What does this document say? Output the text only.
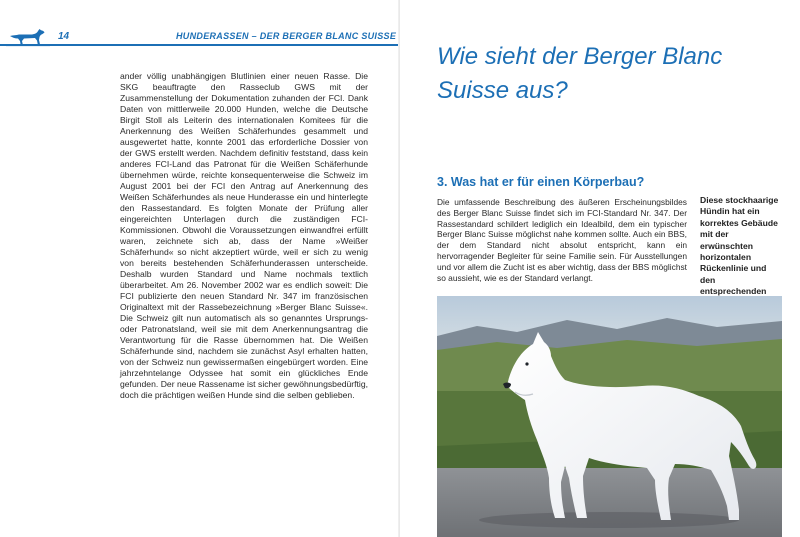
14	HUNDERASSEN – DER BERGER BLANC SUISSE

ander völlig unabhängigen Blutlinien einer neuen Rasse. Die SKG beauftragte den Rasseclub GWS mit der Zusammenstellung der Dokumentation zuhanden der FCI. Dank Daten von mittlerweile 20.000 Hunden, welche die Deutsche Birgit Stoll als Leiterin des internationalen Komitees für die Anerkennung des Weißen Schäferhundes gesammelt und ausgewertet hatte, konnte 2001 das erforderliche Dossier von der GWS erstellt werden. Nachdem definitiv feststand, dass kein anderes FCI-Land das Patronat für die Weißen Schäferhunde übernehmen würde, reichte konsequenterweise die Schweiz im August 2001 bei der FCI den Antrag auf Anerkennung des Weißen Schäferhundes als neue Hunderasse ein und hinterlegte den Rassestandard. Es folgten Monate der Prüfung aller eingereichten Unterlagen durch die zuständigen FCI-Kommissionen. Obwohl die Voraussetzungen einwandfrei erfüllt waren, zeichnete sich ab, dass der Name »Weißer Schäferhund« so nicht akzeptiert würde, weil er sich zu wenig von bereits bestehenden Schäferhunderassen unterscheide. Deshalb wurden Standard und Name nochmals textlich überarbeitet. Am 26. November 2002 war es endlich soweit: Die FCI publizierte den neuen Standard Nr. 347 im französischen Originaltext mit der Rassebezeichnung »Berger Blanc Suisse«. Die Schweiz gilt nun automatisch als so genanntes Ursprungs- oder Patronatsland, weil sie mit dem Anerkennungsantrag die Verantwortung für die Rasse übernommen hat. Die Weißen Schäferhunde sind, nachdem sie zunächst Asyl erhalten hatten, von der Schweiz nun gewissermaßen eingebürgert worden. Eine jahrzehntelange Odyssee hat somit ein glückliches Ende gefunden. Der neue Rassename ist sicher gewöhnungsbedürftig, doch die prächtigen weißen Hunde sind die selben geblieben.

Wie sieht der Berger Blanc Suisse aus?
3. Was hat er für einen Körperbau?

Die umfassende Beschreibung des äußeren Erscheinungsbildes des Berger Blanc Suisse findet sich im FCI-Standard Nr. 347. Der Rassestandard schildert lediglich ein Idealbild, dem ein typischer Berger Blanc Suisse möglichst nahe kommen sollte. Auch ein BBS, der dem Standard nicht absolut entspricht, kann ein hervorragender Begleiter für seine Familie sein. Für Ausstellungen und vor allem die Zucht ist es aber wichtig, dass der BBS möglichst so aussieht, wie es der Standard verlangt.

Diese stockhaarige Hündin hat ein korrektes Gebäude mit der erwünschten horizontalen Rückenlinie und den entsprechenden
